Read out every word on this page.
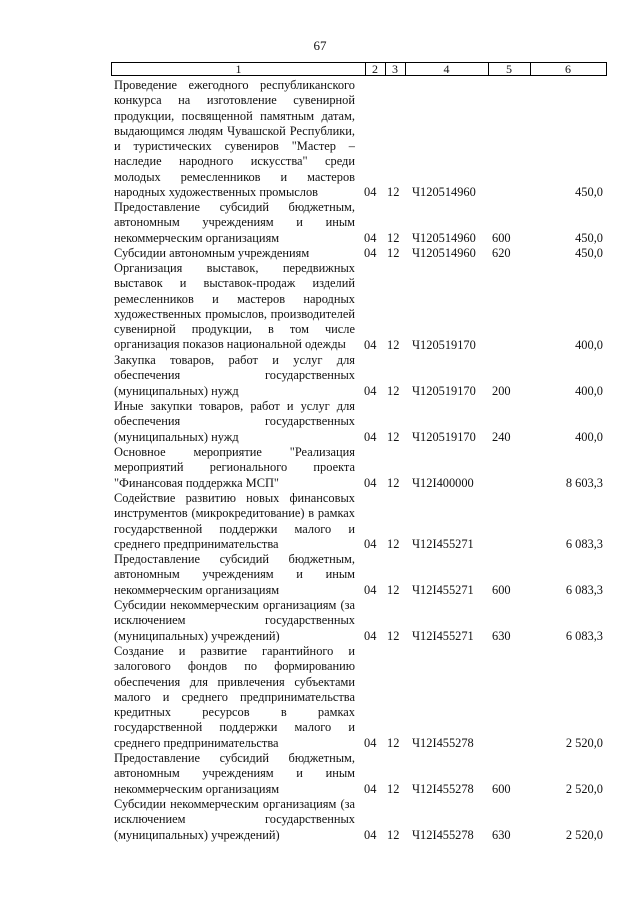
67
1	2	3	4	5	6
Проведение ежегодного республиканского конкурса на изготовление сувенирной продукции, посвященной памятным датам, выдающимся людям Чувашской Республики, и туристических сувениров "Мастер – наследие народного искусства" среди молодых ремесленников и мастеров народных художественных промыслов	04 12 Ч120514960	450,0
Предоставление субсидий бюджетным, автономным учреждениям и иным некоммерческим организациям	04 12 Ч120514960 600	450,0
Субсидии автономным учреждениям	04 12 Ч120514960 620	450,0
Организация выставок, передвижных выставок и выставок-продаж изделий ремесленников и мастеров народных художественных промыслов, производителей сувенирной продукции, в том числе организация показов национальной одежды	04 12 Ч120519170	400,0
Закупка товаров, работ и услуг для обеспечения государственных (муниципальных) нужд	04 12 Ч120519170 200	400,0
Иные закупки товаров, работ и услуг для обеспечения государственных (муниципальных) нужд	04 12 Ч120519170 240	400,0
Основное мероприятие "Реализация мероприятий регионального проекта "Финансовая поддержка МСП"	04 12 Ч12I400000	8 603,3
Содействие развитию новых финансовых инструментов (микрокредитование) в рамках государственной поддержки малого и среднего предпринимательства	04 12 Ч12I455271	6 083,3
Предоставление субсидий бюджетным, автономным учреждениям и иным некоммерческим организациям	04 12 Ч12I455271 600	6 083,3
Субсидии некоммерческим организациям (за исключением государственных (муниципальных) учреждений)	04 12 Ч12I455271 630	6 083,3
Создание и развитие гарантийного и залогового фондов по формированию обеспечения для привлечения субъектами малого и среднего предпринимательства кредитных ресурсов в рамках государственной поддержки малого и среднего предпринимательства	04 12 Ч12I455278	2 520,0
Предоставление субсидий бюджетным, автономным учреждениям и иным некоммерческим организациям	04 12 Ч12I455278 600	2 520,0
Субсидии некоммерческим организациям (за исключением государственных (муниципальных) учреждений)	04 12 Ч12I455278 630	2 520,0
